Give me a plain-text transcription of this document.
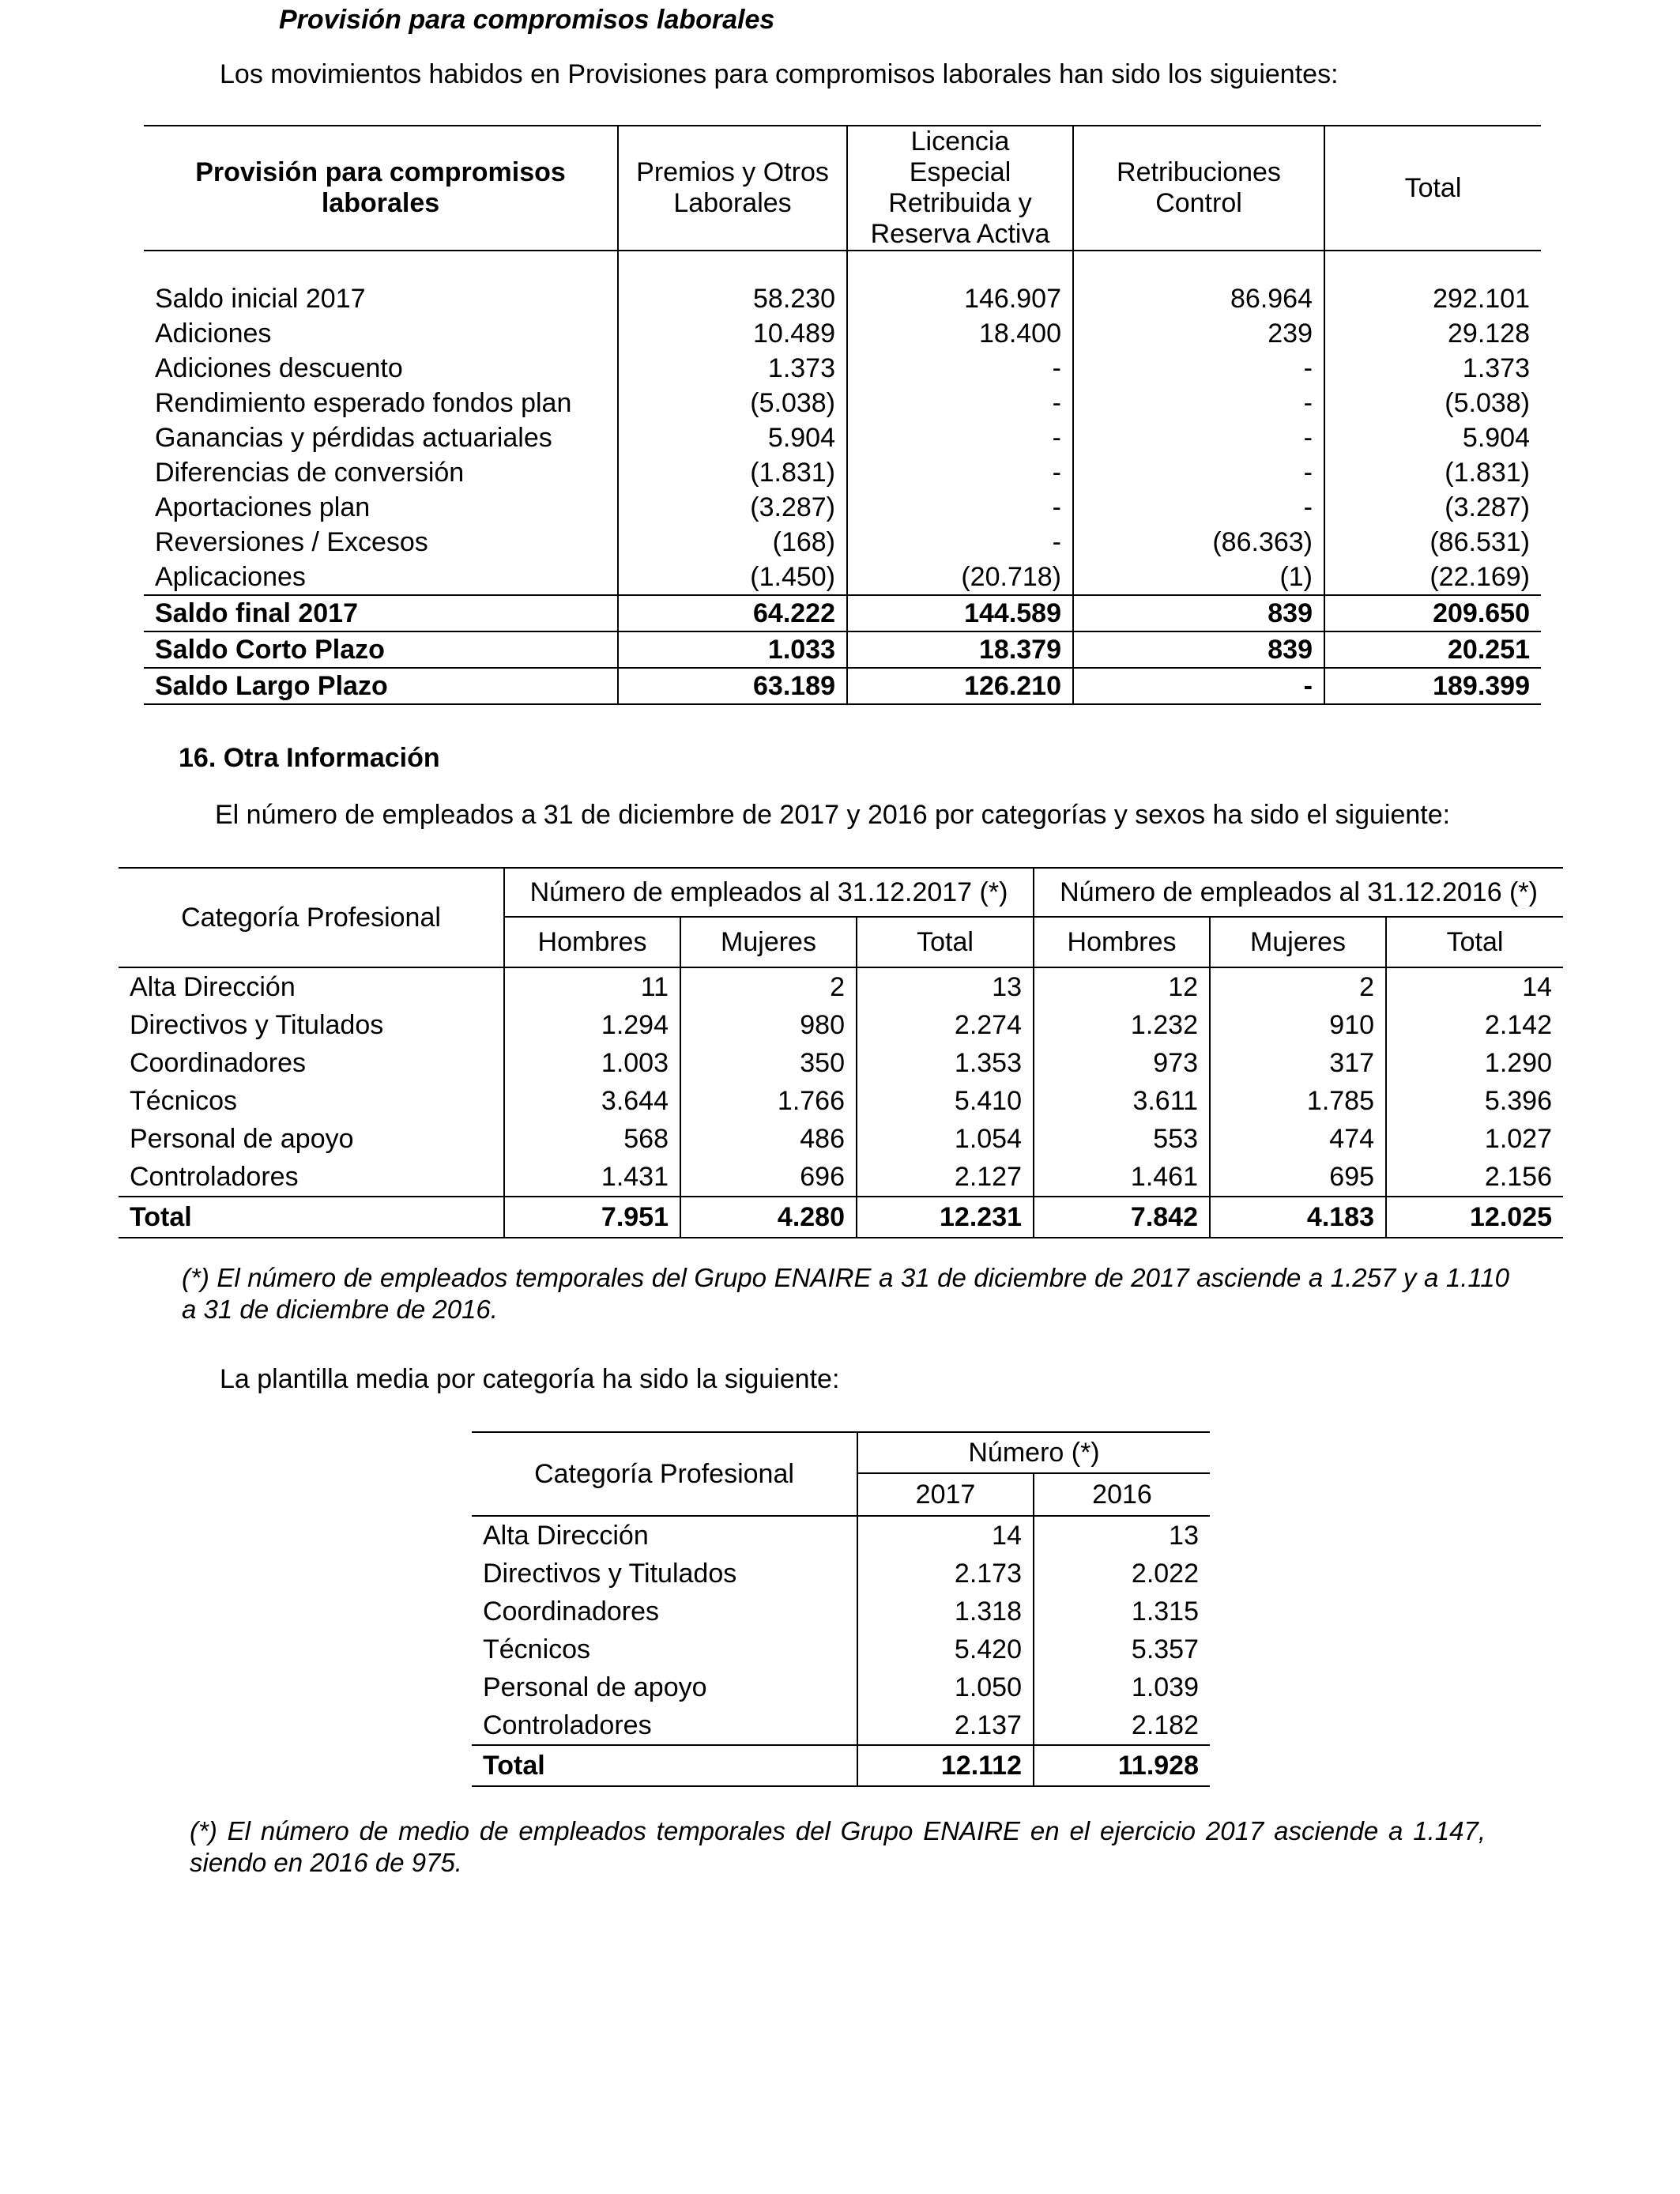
Provisión para compromisos laborales
Los movimientos habidos en Provisiones para compromisos laborales han sido los siguientes:
Provisión para compromisos laborales	Premios y Otros Laborales	Licencia Especial Retribuida y Reserva Activa	Retribuciones Control	Total

Saldo inicial 2017	58.230	146.907	86.964	292.101
Adiciones	10.489	18.400	239	29.128
Adiciones descuento	1.373	-	-	1.373
Rendimiento esperado fondos plan	(5.038)	-	-	(5.038)
Ganancias y pérdidas actuariales	5.904	-	-	5.904
Diferencias de conversión	(1.831)	-	-	(1.831)
Aportaciones plan	(3.287)	-	-	(3.287)
Reversiones / Excesos	(168)	-	(86.363)	(86.531)
Aplicaciones	(1.450)	(20.718)	(1)	(22.169)
Saldo final 2017	64.222	144.589	839	209.650
Saldo Corto Plazo	1.033	18.379	839	20.251
Saldo Largo Plazo	63.189	126.210	-	189.399
16. Otra Información
El número de empleados a 31 de diciembre de 2017 y 2016 por categorías y sexos ha sido el siguiente:
Categoría Profesional	Número de empleados al 31.12.2017 (*)			Número de empleados al 31.12.2016 (*)		
	Hombres	Mujeres	Total	Hombres	Mujeres	Total
Alta Dirección	11	2	13	12	2	14
Directivos y Titulados	1.294	980	2.274	1.232	910	2.142
Coordinadores	1.003	350	1.353	973	317	1.290
Técnicos	3.644	1.766	5.410	3.611	1.785	5.396
Personal de apoyo	568	486	1.054	553	474	1.027
Controladores	1.431	696	2.127	1.461	695	2.156
Total	7.951	4.280	12.231	7.842	4.183	12.025
(*) El número de empleados temporales del Grupo ENAIRE a 31 de diciembre de 2017 asciende a 1.257 y a 1.110 a 31 de diciembre de 2016.
La plantilla media por categoría ha sido la siguiente:
Categoría Profesional	Número (*)	
	2017	2016
Alta Dirección	14	13
Directivos y Titulados	2.173	2.022
Coordinadores	1.318	1.315
Técnicos	5.420	5.357
Personal de apoyo	1.050	1.039
Controladores	2.137	2.182
Total	12.112	11.928
(*) El número de medio de empleados temporales del Grupo ENAIRE en el ejercicio 2017 asciende a 1.147, siendo en 2016 de 975.
